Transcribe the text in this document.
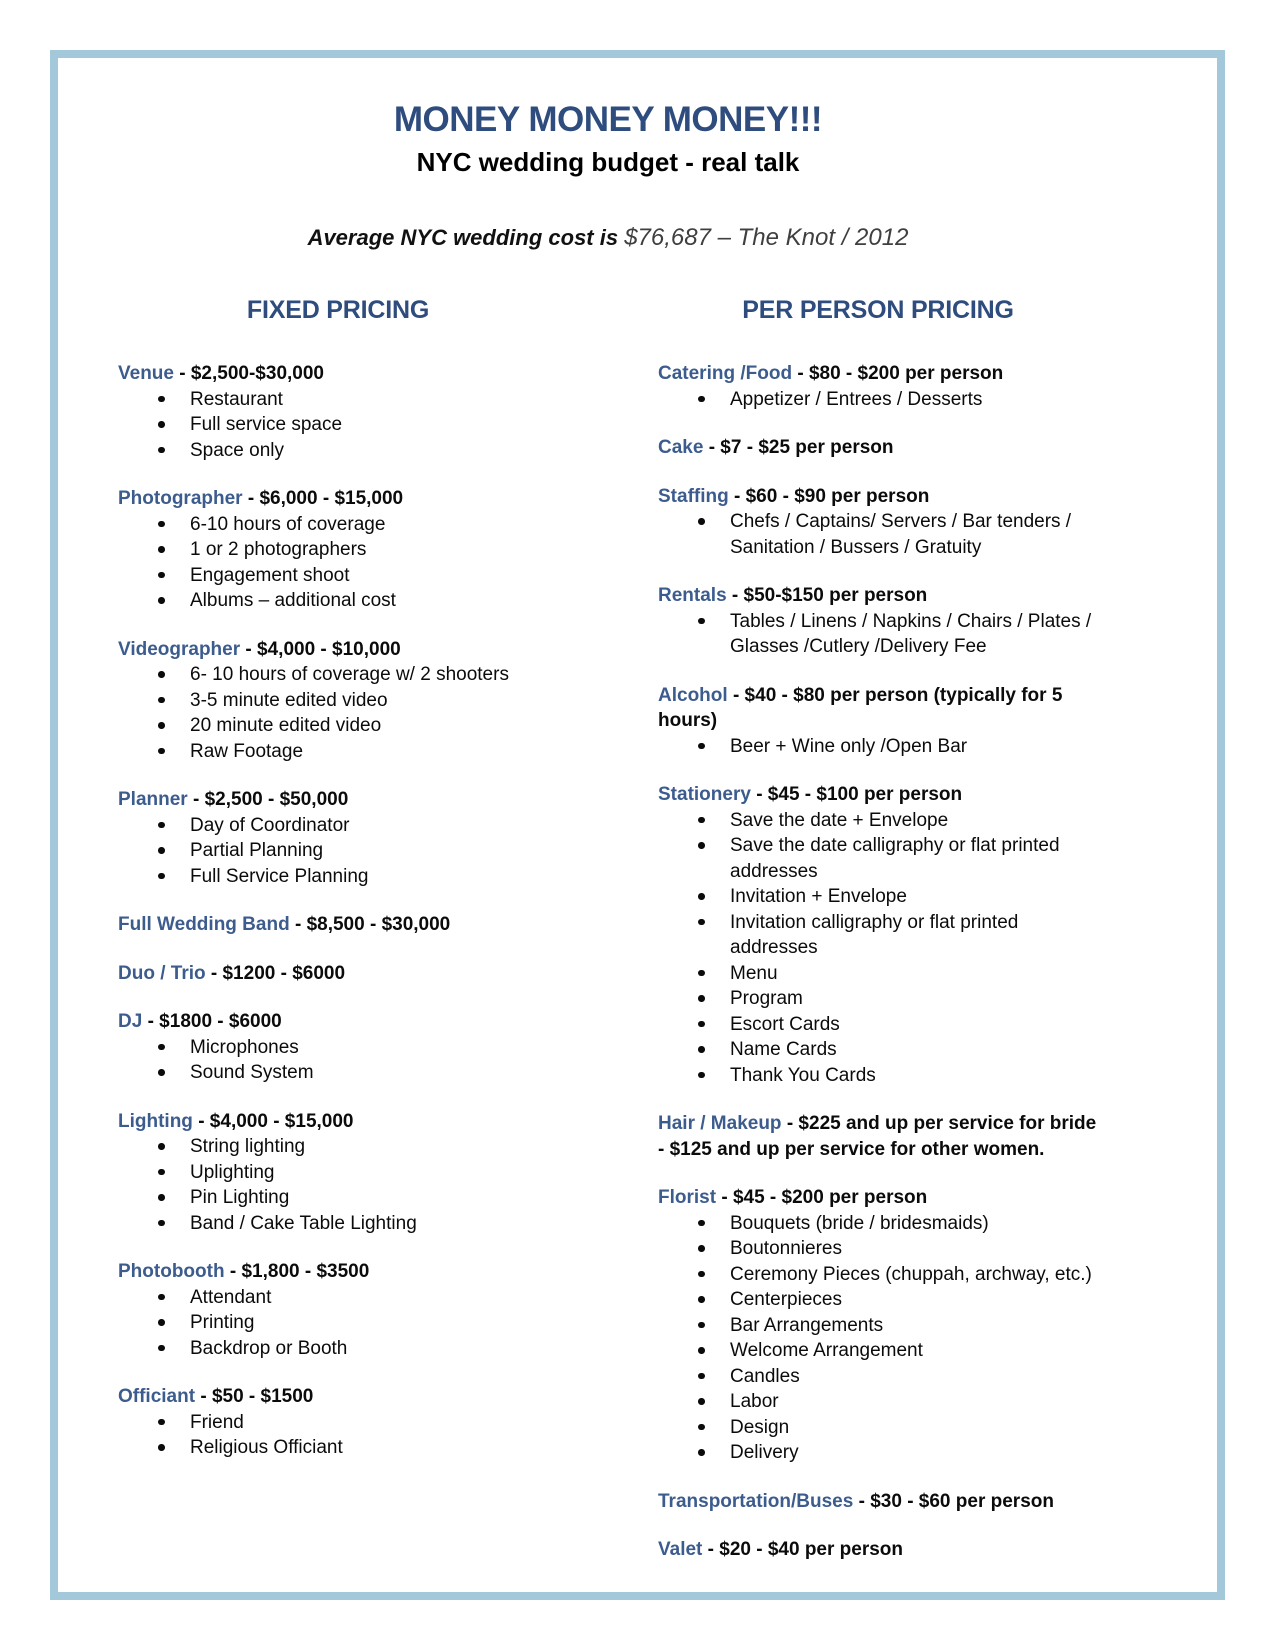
MONEY MONEY MONEY!!!
NYC wedding budget - real talk

Average NYC wedding cost is $76,687 – The Knot / 2012

FIXED PRICING

Venue - $2,500-$30,000

Restaurant
Full service space
Space only

Photographer - $6,000 - $15,000

6-10 hours of coverage
1 or 2 photographers
Engagement shoot
Albums – additional cost

Videographer - $4,000 - $10,000

6- 10 hours of coverage w/ 2 shooters
3-5 minute edited video
20 minute edited video
Raw Footage

Planner - $2,500 - $50,000

Day of Coordinator
Partial Planning
Full Service Planning

Full Wedding Band - $8,500 - $30,000

Duo / Trio - $1200 - $6000

DJ - $1800 - $6000

Microphones
Sound System

Lighting - $4,000 - $15,000

String lighting
Uplighting
Pin Lighting
Band / Cake Table Lighting

Photobooth - $1,800 - $3500

Attendant
Printing
Backdrop or Booth

Officiant - $50 - $1500

Friend
Religious Officiant
PER PERSON PRICING

Catering /Food - $80 - $200 per person

Appetizer / Entrees / Desserts

Cake - $7 - $25 per person

Staffing - $60 - $90 per person

Chefs / Captains/ Servers / Bar tenders / Sanitation / Bussers / Gratuity

Rentals - $50-$150 per person

Tables / Linens / Napkins / Chairs / Plates / Glasses /Cutlery /Delivery Fee

Alcohol - $40 - $80 per person (typically for 5 hours)

Beer + Wine only /Open Bar

Stationery - $45 - $100 per person

Save the date + Envelope
Save the date calligraphy or flat printed addresses
Invitation + Envelope
Invitation calligraphy or flat printed addresses
Menu
Program
Escort Cards
Name Cards
Thank You Cards

Hair / Makeup - $225 and up per service for bride - $125 and up per service for other women.

Florist - $45 - $200 per person

Bouquets (bride / bridesmaids)
Boutonnieres
Ceremony Pieces (chuppah, archway, etc.)
Centerpieces
Bar Arrangements
Welcome Arrangement
Candles
Labor
Design
Delivery

Transportation/Buses - $30 - $60 per person

Valet - $20 - $40 per person
